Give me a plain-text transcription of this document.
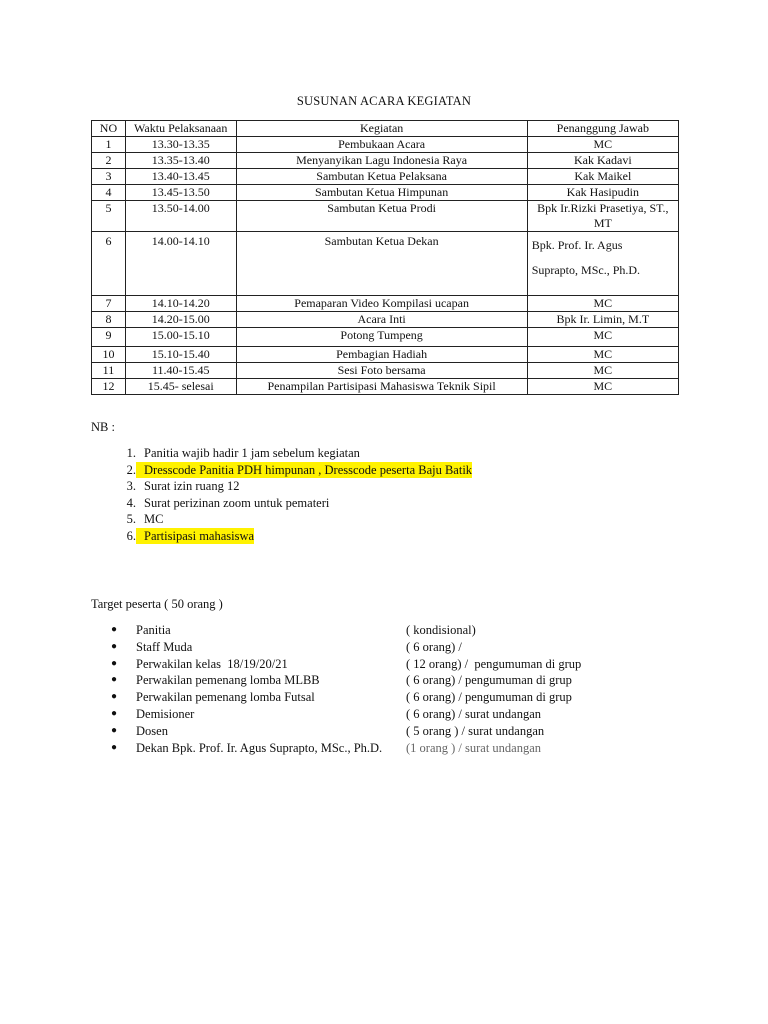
SUSUNAN ACARA KEGIATAN
NO	Waktu Pelaksanaan	Kegiatan	Penanggung Jawab
1	13.30-13.35	Pembukaan Acara	MC
2	13.35-13.40	Menyanyikan Lagu Indonesia Raya	Kak Kadavi
3	13.40-13.45	Sambutan Ketua Pelaksana	Kak Maikel
4	13.45-13.50	Sambutan Ketua Himpunan	Kak Hasipudin
5	13.50-14.00	Sambutan Ketua Prodi	Bpk Ir.Rizki Prasetiya, ST., MT
6	14.00-14.10	Sambutan Ketua Dekan	Bpk. Prof. Ir. Agus
Suprapto, MSc., Ph.D.

7	14.10-14.20	Pemaparan Video Kompilasi ucapan	MC
8	14.20-15.00	Acara Inti	Bpk Ir. Limin, M.T
9	15.00-15.10	Potong Tumpeng	MC
10	15.10-15.40	Pembagian Hadiah	MC
11	11.40-15.45	Sesi Foto bersama	MC
12	15.45- selesai	Penampilan Partisipasi Mahasiswa Teknik Sipil	MC
NB :
1. Panitia wajib hadir 1 jam sebelum kegiatan
2. Dresscode Panitia PDH himpunan , Dresscode peserta Baju Batik
3. Surat izin ruang 12
4. Surat perizinan zoom untuk pemateri
5. MC
6. Partisipasi mahasiswa
Target peserta ( 50 orang )
● Panitia	( kondisional)
● Staff Muda	( 6 orang) /
● Perwakilan kelas  18/19/20/21	( 12 orang) /  pengumuman di grup
● Perwakilan pemenang lomba MLBB	( 6 orang) / pengumuman di grup
● Perwakilan pemenang lomba Futsal	( 6 orang) / pengumuman di grup
● Demisioner	( 6 orang) / surat undangan
● Dosen	( 5 orang ) / surat undangan
● Dekan Bpk. Prof. Ir. Agus Suprapto, MSc., Ph.D. (1 orang ) / surat undangan
